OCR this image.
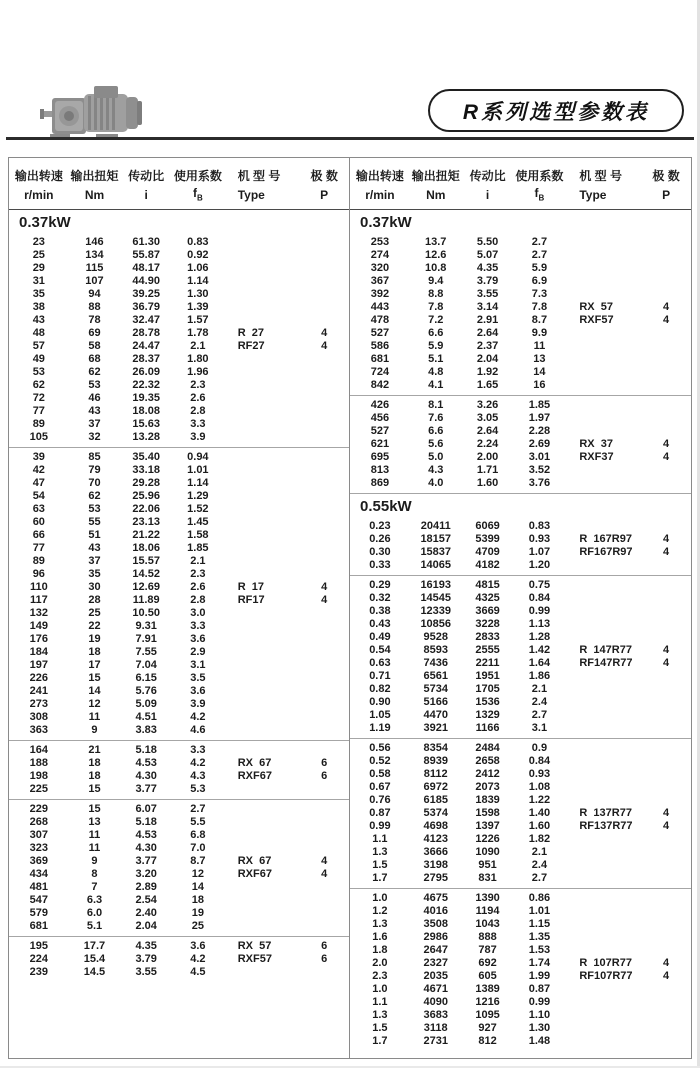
R系列选型参数表
输出转速 输出扭矩 传动比 使用系数	机 型 号	极 数
r/min	Nm	i	$f_B$	Type	P
0.37kW
23	146	61.30	0.83
25	134	55.87	0.92
29	115	48.17	1.06
31	107	44.90	1.14
35	94	39.25	1.30
38	88	36.79	1.39
43	78	32.47	1.57
48	69	28.78	1.78	R  27	4
57	58	24.47	2.1	RF27	4
49	68	28.37	1.80
53	62	26.09	1.96
62	53	22.32	2.3
72	46	19.35	2.6
77	43	18.08	2.8
89	37	15.63	3.3
105	32	13.28	3.9
39	85	35.40	0.94
42	79	33.18	1.01
47	70	29.28	1.14
54	62	25.96	1.29
63	53	22.06	1.52
60	55	23.13	1.45
66	51	21.22	1.58
77	43	18.06	1.85
89	37	15.57	2.1
96	35	14.52	2.3
110	30	12.69	2.6	R  17	4
117	28	11.89	2.8	RF17	4
132	25	10.50	3.0
149	22	9.31	3.3
176	19	7.91	3.6
184	18	7.55	2.9
197	17	7.04	3.1
226	15	6.15	3.5
241	14	5.76	3.6
273	12	5.09	3.9
308	11	4.51	4.2
363	9	3.83	4.6
164	21	5.18	3.3
188	18	4.53	4.2	RX  67	6
198	18	4.30	4.3	RXF67	6
225	15	3.77	5.3
229	15	6.07	2.7
268	13	5.18	5.5
307	11	4.53	6.8
323	11	4.30	7.0
369	9	3.77	8.7	RX  67	4
434	8	3.20	12	RXF67	4
481	7	2.89	14
547	6.3	2.54	18
579	6.0	2.40	19
681	5.1	2.04	25
195	17.7	4.35	3.6	RX  57	6
224	15.4	3.79	4.2	RXF57	6
239	14.5	3.55	4.5
输出转速 输出扭矩 传动比 使用系数	机 型 号	极 数
r/min	Nm	i	$f_B$	Type	P
0.37kW
253	13.7	5.50	2.7
274	12.6	5.07	2.7
320	10.8	4.35	5.9
367	9.4	3.79	6.9
392	8.8	3.55	7.3
443	7.8	3.14	7.8	RX  57	4
478	7.2	2.91	8.7	RXF57	4
527	6.6	2.64	9.9
586	5.9	2.37	11
681	5.1	2.04	13
724	4.8	1.92	14
842	4.1	1.65	16
426	8.1	3.26	1.85
456	7.6	3.05	1.97
527	6.6	2.64	2.28
621	5.6	2.24	2.69	RX  37	4
695	5.0	2.00	3.01	RXF37	4
813	4.3	1.71	3.52
869	4.0	1.60	3.76
0.55kW
0.23	20411	6069	0.83
0.26	18157	5399	0.93	R  167R97	4
0.30	15837	4709	1.07	RF167R97	4
0.33	14065	4182	1.20
0.29	16193	4815	0.75
0.32	14545	4325	0.84
0.38	12339	3669	0.99
0.43	10856	3228	1.13
0.49	9528	2833	1.28
0.54	8593	2555	1.42	R  147R77	4
0.63	7436	2211	1.64	RF147R77	4
0.71	6561	1951	1.86
0.82	5734	1705	2.1
0.90	5166	1536	2.4
1.05	4470	1329	2.7
1.19	3921	1166	3.1
0.56	8354	2484	0.9
0.52	8939	2658	0.84
0.58	8112	2412	0.93
0.67	6972	2073	1.08
0.76	6185	1839	1.22
0.87	5374	1598	1.40	R  137R77	4
0.99	4698	1397	1.60	RF137R77	4
1.1	4123	1226	1.82
1.3	3666	1090	2.1
1.5	3198	951	2.4
1.7	2795	831	2.7
1.0	4675	1390	0.86
1.2	4016	1194	1.01
1.3	3508	1043	1.15
1.6	2986	888	1.35
1.8	2647	787	1.53
2.0	2327	692	1.74	R  107R77	4
2.3	2035	605	1.99	RF107R77	4
1.0	4671	1389	0.87
1.1	4090	1216	0.99
1.3	3683	1095	1.10
1.5	3118	927	1.30
1.7	2731	812	1.48
